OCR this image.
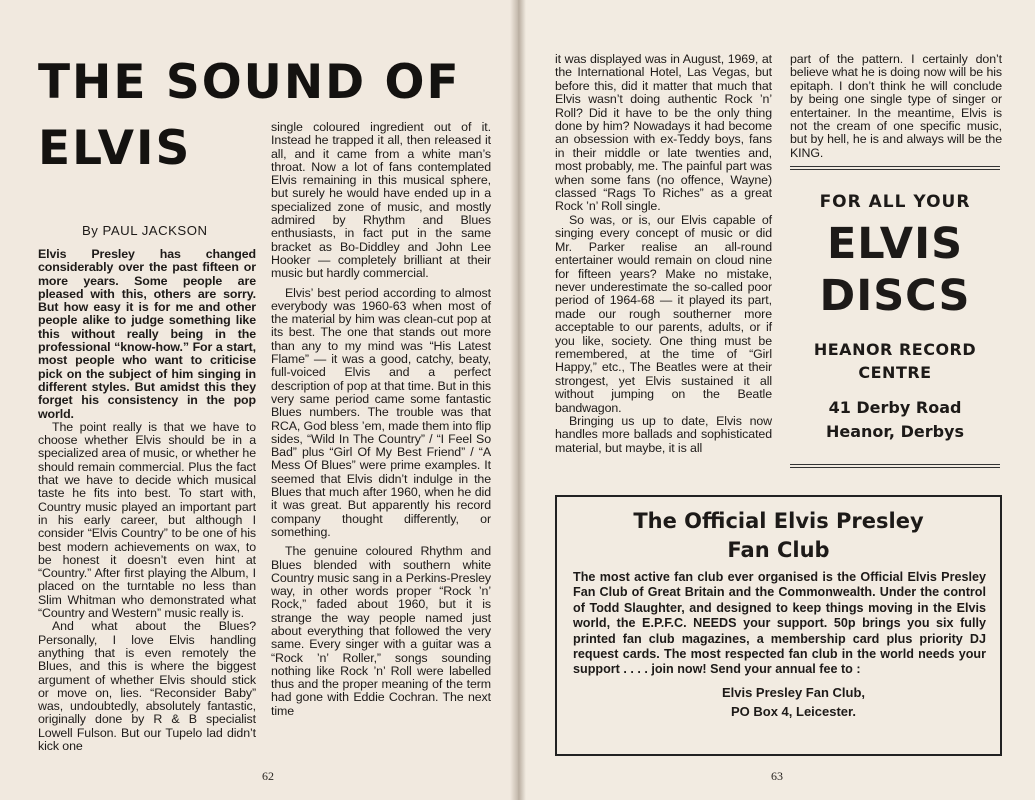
THE SOUND OF
ELVIS
By PAUL JACKSON

Elvis Presley has changed considerably over the past fifteen or more years. Some people are pleased with this, others are sorry. But how easy it is for me and other people alike to judge something like this without really being in the professional “know-how.” For a start, most people who want to criticise pick on the subject of him singing in different styles. But amidst this they forget his consistency in the pop world.

The point really is that we have to choose whether Elvis should be in a specialized area of music, or whether he should remain commercial. Plus the fact that we have to decide which musical taste he fits into best. To start with, Country music played an important part in his early career, but although I consider “Elvis Country” to be one of his best modern achievements on wax, to be honest it doesn’t even hint at “Country.” After first playing the Album, I placed on the turntable no less than Slim Whitman who demonstrated what “Country and Western” music really is.

And what about the Blues? Personally, I love Elvis handling anything that is even remotely the Blues, and this is where the biggest argument of whether Elvis should stick or move on, lies. “Reconsider Baby” was, undoubtedly, absolutely fantastic, originally done by R & B specialist Lowell Fulson. But our Tupelo lad didn’t kick one

single coloured ingredient out of it. Instead he trapped it all, then released it all, and it came from a white man’s throat. Now a lot of fans contemplated Elvis remaining in this musical sphere, but surely he would have ended up in a specialized zone of music, and mostly admired by Rhythm and Blues enthusiasts, in fact put in the same bracket as Bo-Diddley and John Lee Hooker — completely brilliant at their music but hardly commercial.

Elvis’ best period according to almost everybody was 1960-63 when most of the material by him was clean-cut pop at its best. The one that stands out more than any to my mind was “His Latest Flame” — it was a good, catchy, beaty, full-voiced Elvis and a perfect description of pop at that time. But in this very same period came some fantastic Blues numbers. The trouble was that RCA, God bless ’em, made them into flip sides, “Wild In The Country” / “I Feel So Bad” plus “Girl Of My Best Friend” / “A Mess Of Blues” were prime examples. It seemed that Elvis didn’t indulge in the Blues that much after 1960, when he did it was great. But apparently his record company thought differently, or something.

The genuine coloured Rhythm and Blues blended with southern white Country music sang in a Perkins-Presley way, in other words proper “Rock ’n’ Rock,” faded about 1960, but it is strange the way people named just about everything that followed the very same. Every singer with a guitar was a “Rock ’n’ Roller,” songs sounding nothing like Rock ’n’ Roll were labelled thus and the proper meaning of the term had gone with Eddie Cochran. The next time

62

it was displayed was in August, 1969, at the International Hotel, Las Vegas, but before this, did it matter that much that Elvis wasn’t doing authentic Rock ’n’ Roll? Did it have to be the only thing done by him? Nowadays it had become an obsession with ex-Teddy boys, fans in their middle or late twenties and, most probably, me. The painful part was when some fans (no offence, Wayne) classed “Rags To Riches” as a great Rock ’n’ Roll single.

So was, or is, our Elvis capable of singing every concept of music or did Mr. Parker realise an all-round entertainer would remain on cloud nine for fifteen years? Make no mistake, never underestimate the so-called poor period of 1964-68 — it played its part, made our rough southerner more acceptable to our parents, adults, or if you like, society. One thing must be remembered, at the time of “Girl Happy,” etc., The Beatles were at their strongest, yet Elvis sustained it all without jumping on the Beatle bandwagon.

Bringing us up to date, Elvis now handles more ballads and sophisticated material, but maybe, it is all

part of the pattern. I certainly don’t believe what he is doing now will be his epitaph. I don’t think he will conclude by being one single type of singer or entertainer. In the meantime, Elvis is not the cream of one specific music, but by hell, he is and always will be the KING.

63
FOR ALL YOUR
ELVIS
DISCS
HEANOR RECORD
CENTRE
41 Derby Road
Heanor, Derbys
The Official Elvis Presley
Fan Club
The most active fan club ever organised is the Official Elvis Presley Fan Club of Great Britain and the Commonwealth. Under the control of Todd Slaughter, and designed to keep things moving in the Elvis world, the E.P.F.C. NEEDS your support. 50p brings you six fully printed fan club magazines, a membership card plus priority DJ request cards. The most respected fan club in the world needs your support . . . . join now! Send your annual fee to :
Elvis Presley Fan Club,
PO Box 4, Leicester.
